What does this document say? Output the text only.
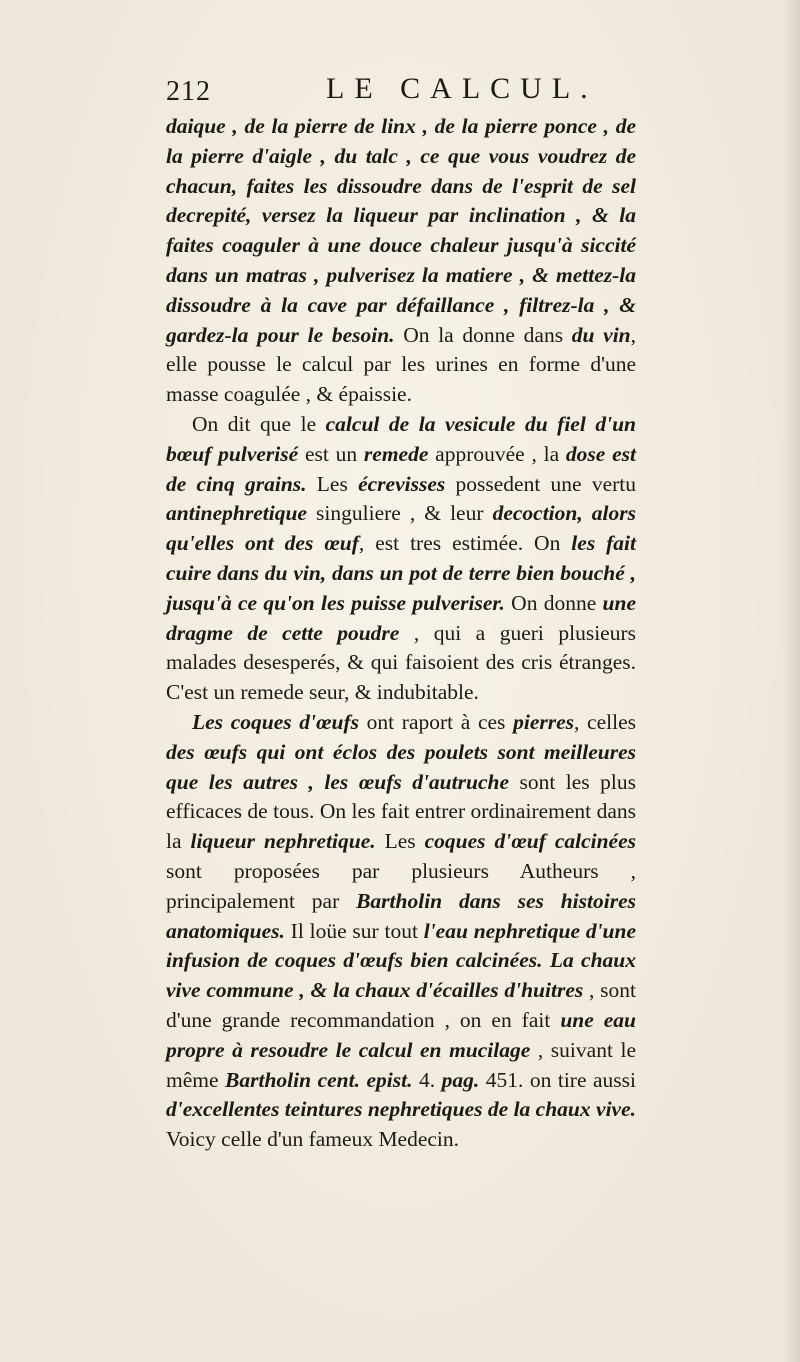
212	LE CALCUL.

daique , de la pierre de linx , de la pierre ponce , de la pierre d'aigle , du talc , ce que vous voudrez de chacun, faites les dissoudre dans de l'esprit de sel decrepité, versez la liqueur par inclination , & la faites coaguler à une douce chaleur jusqu'à siccité dans un matras , pulverisez la matiere , & mettez-la dissoudre à la cave par défaillance , filtrez-la , & gardez-la pour le besoin. On la donne dans du vin, elle pousse le calcul par les urines en forme d'une masse coagulée , & épaissie.

On dit que le calcul de la vesicule du fiel d'un bœuf pulverisé est un remede approuvée , la dose est de cinq grains. Les écrevisses possedent une vertu antinephretique singuliere , & leur decoction, alors qu'elles ont des œuf, est tres estimée. On les fait cuire dans du vin, dans un pot de terre bien bouché , jusqu'à ce qu'on les puisse pulveriser. On donne une dragme de cette poudre , qui a gueri plusieurs malades desesperés, & qui faisoient des cris étranges. C'est un remede seur, & indubitable.

Les coques d'œufs ont raport à ces pierres, celles des œufs qui ont éclos des poulets sont meilleures que les autres , les œufs d'autruche sont les plus efficaces de tous. On les fait entrer ordinairement dans la liqueur nephretique. Les coques d'œuf calcinées sont proposées par plusieurs Autheurs , principalement par Bartholin dans ses histoires anatomiques. Il loüe sur tout l'eau nephretique d'une infusion de coques d'œufs bien calcinées. La chaux vive commune , & la chaux d'écailles d'huitres , sont d'une grande recommandation , on en fait une eau propre à resoudre le calcul en mucilage , suivant le même Bartholin cent. epist. 4. pag. 451. on tire aussi d'excellentes teintures nephretiques de la chaux vive. Voicy celle d'un fameux Medecin.
